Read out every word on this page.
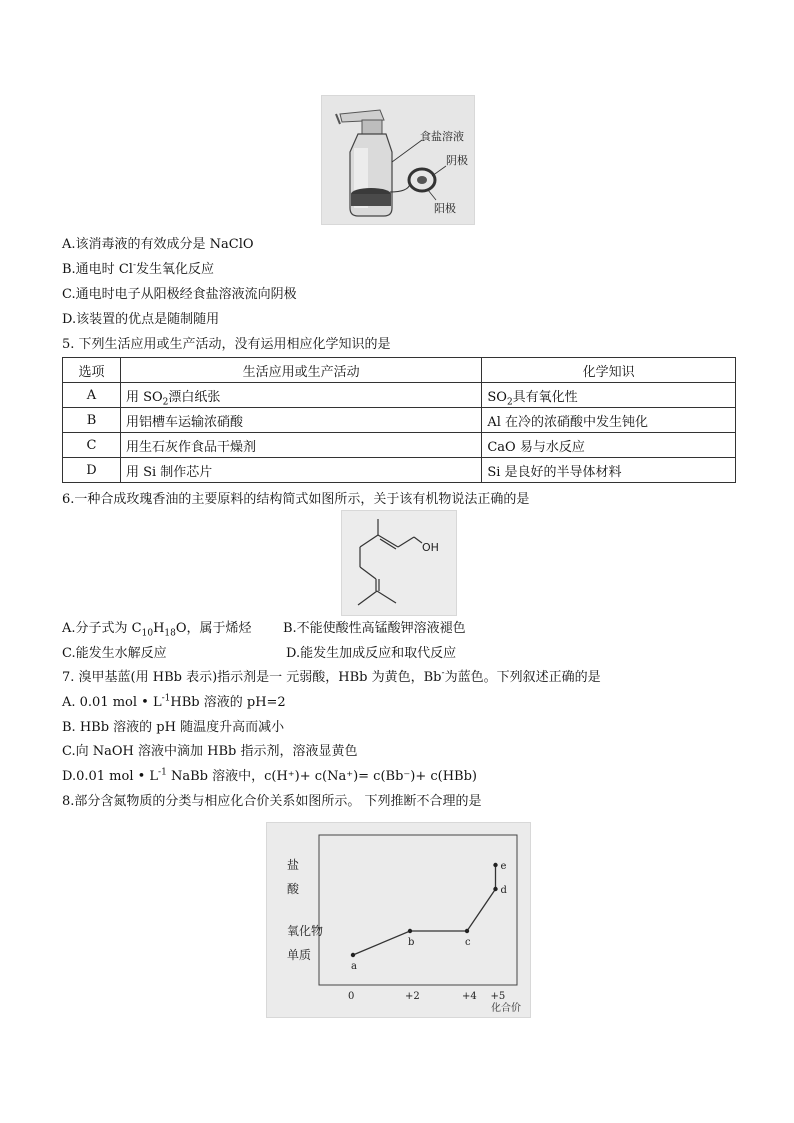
食盐溶液
阴极
阳极
A.该消毒液的有效成分是 NaClO
B.通电时 Cl-发生氧化反应
C.通电时电子从阳极经食盐溶液流向阴极
D.该装置的优点是随制随用
5. 下列生活应用或生产活动，没有运用相应化学知识的是
选项	生活应用或生产活动	化学知识
A	用 $SO_2$漂白纸张	$SO_2$具有氧化性
B	用铝槽车运输浓硝酸	Al 在冷的浓硝酸中发生钝化
C	用生石灰作食品干燥剂	CaO 易与水反应
D	用 Si 制作芯片	Si 是良好的半导体材料
6.一种合成玫瑰香油的主要原料的结构简式如图所示，关于该有机物说法正确的是
OH
A.分子式为 $C_{10}H_{18}O$，属于烯烃 B.不能使酸性高锰酸钾溶液褪色
C.能发生水解反应	D.能发生加成反应和取代反应
7. 溴甲基蓝(用 HBb 表示)指示剂是一 元弱酸，HBb 为黄色，Bb-为蓝色。下列叙述正确的是
A. 0.01 mol • $L^{-1}HBb$ 溶液的 pH=2
B. HBb 溶液的 pH 随温度升高而减小
C.向 NaOH 溶液中滴加 HBb 指示剂，溶液显黄色
D.0.01 mol • $L^{-1}$ NaBb 溶液中，c(H⁺)+ c(Na⁺)= c(Bb⁻)+ c(HBb)
8.部分含氮物质的分类与相应化合价关系如图所示。 下列推断不合理的是
单质
氧化物
酸
盐
0	+2	+4 +5
a
b	c
d
e
化合价
